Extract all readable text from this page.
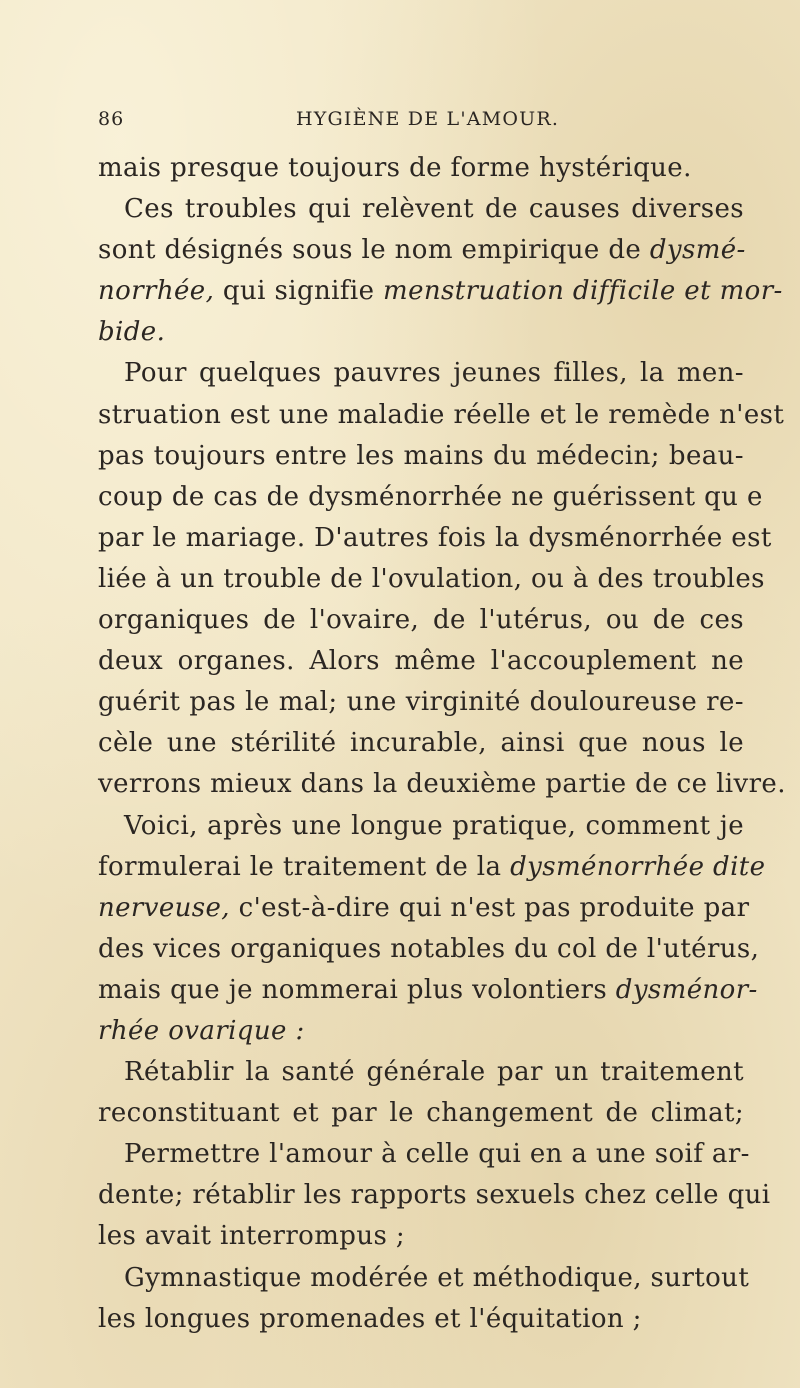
86	HYGIÈNE DE L'AMOUR.
mais presque toujours de forme hystérique.
Ces troubles qui relèvent de causes diverses
sont désignés sous le nom empirique de dysmé-
norrhée, qui signifie menstruation difficile et mor-
bide.
Pour quelques pauvres jeunes filles, la men-
struation est une maladie réelle et le remède n'est
pas toujours entre les mains du médecin; beau-
coup de cas de dysménorrhée ne guérissent qu e
par le mariage. D'autres fois la dysménorrhée est
liée à un trouble de l'ovulation, ou à des troubles
organiques de l'ovaire, de l'utérus, ou de ces
deux organes. Alors même l'accouplement ne
guérit pas le mal; une virginité douloureuse re-
cèle une stérilité incurable, ainsi que nous le
verrons mieux dans la deuxième partie de ce livre.
Voici, après une longue pratique, comment je
formulerai le traitement de la dysménorrhée dite
nerveuse, c'est-à-dire qui n'est pas produite par
des vices organiques notables du col de l'utérus,
mais que je nommerai plus volontiers dysménor-
rhée ovarique :
Rétablir la santé générale par un traitement
reconstituant et par le changement de climat;
Permettre l'amour à celle qui en a une soif ar-
dente; rétablir les rapports sexuels chez celle qui
les avait interrompus ;
Gymnastique modérée et méthodique, surtout
les longues promenades et l'équitation ;
